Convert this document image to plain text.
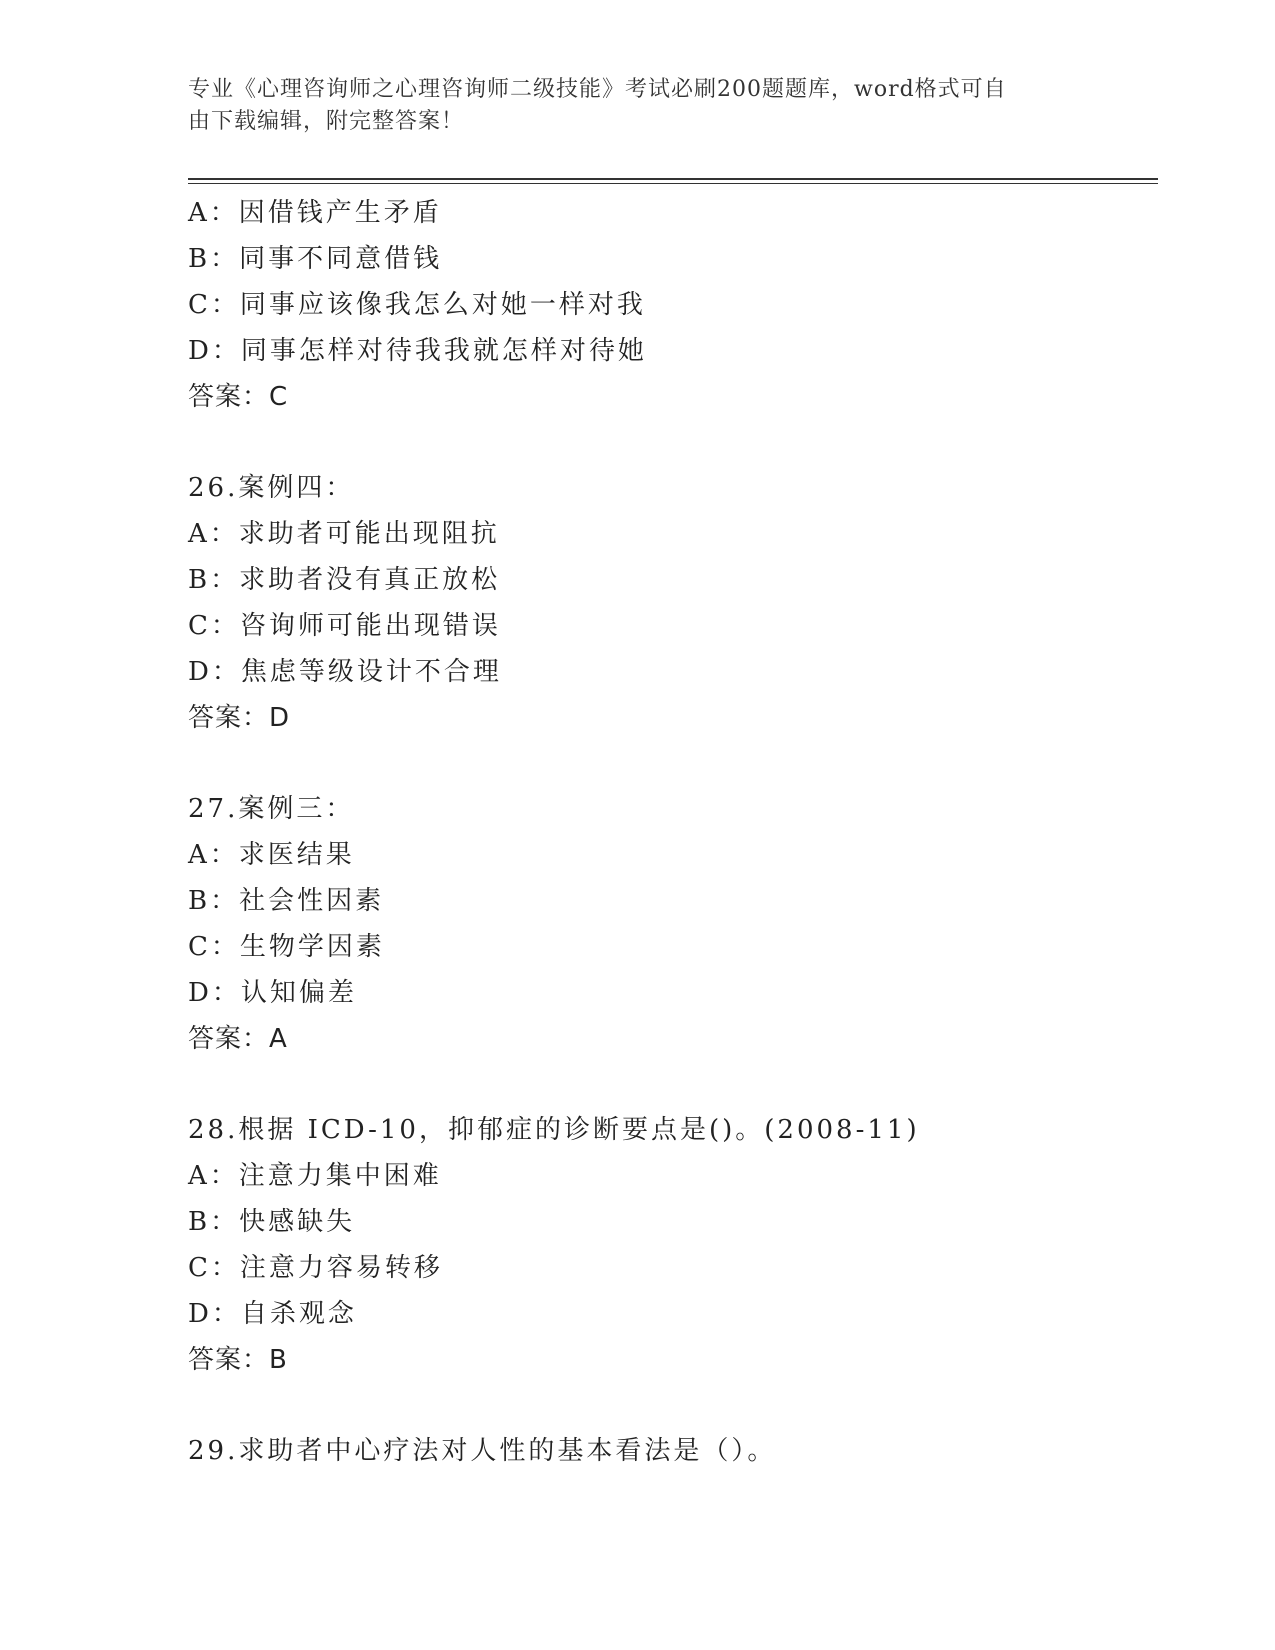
专业《心理咨询师之心理咨询师二级技能》考试必刷200题题库，word格式可自
由下载编辑，附完整答案！
A：因借钱产生矛盾
B：同事不同意借钱
C：同事应该像我怎么对她一样对我
D：同事怎样对待我我就怎样对待她
答案：C
26.案例四：
A：求助者可能出现阻抗
B：求助者没有真正放松
C：咨询师可能出现错误
D：焦虑等级设计不合理
答案：D
27.案例三：
A：求医结果
B：社会性因素
C：生物学因素
D：认知偏差
答案：A
28.根据 ICD-10，抑郁症的诊断要点是()。(2008-11)
A：注意力集中困难
B：快感缺失
C：注意力容易转移
D：自杀观念
答案：B
29.求助者中心疗法对人性的基本看法是（）。
